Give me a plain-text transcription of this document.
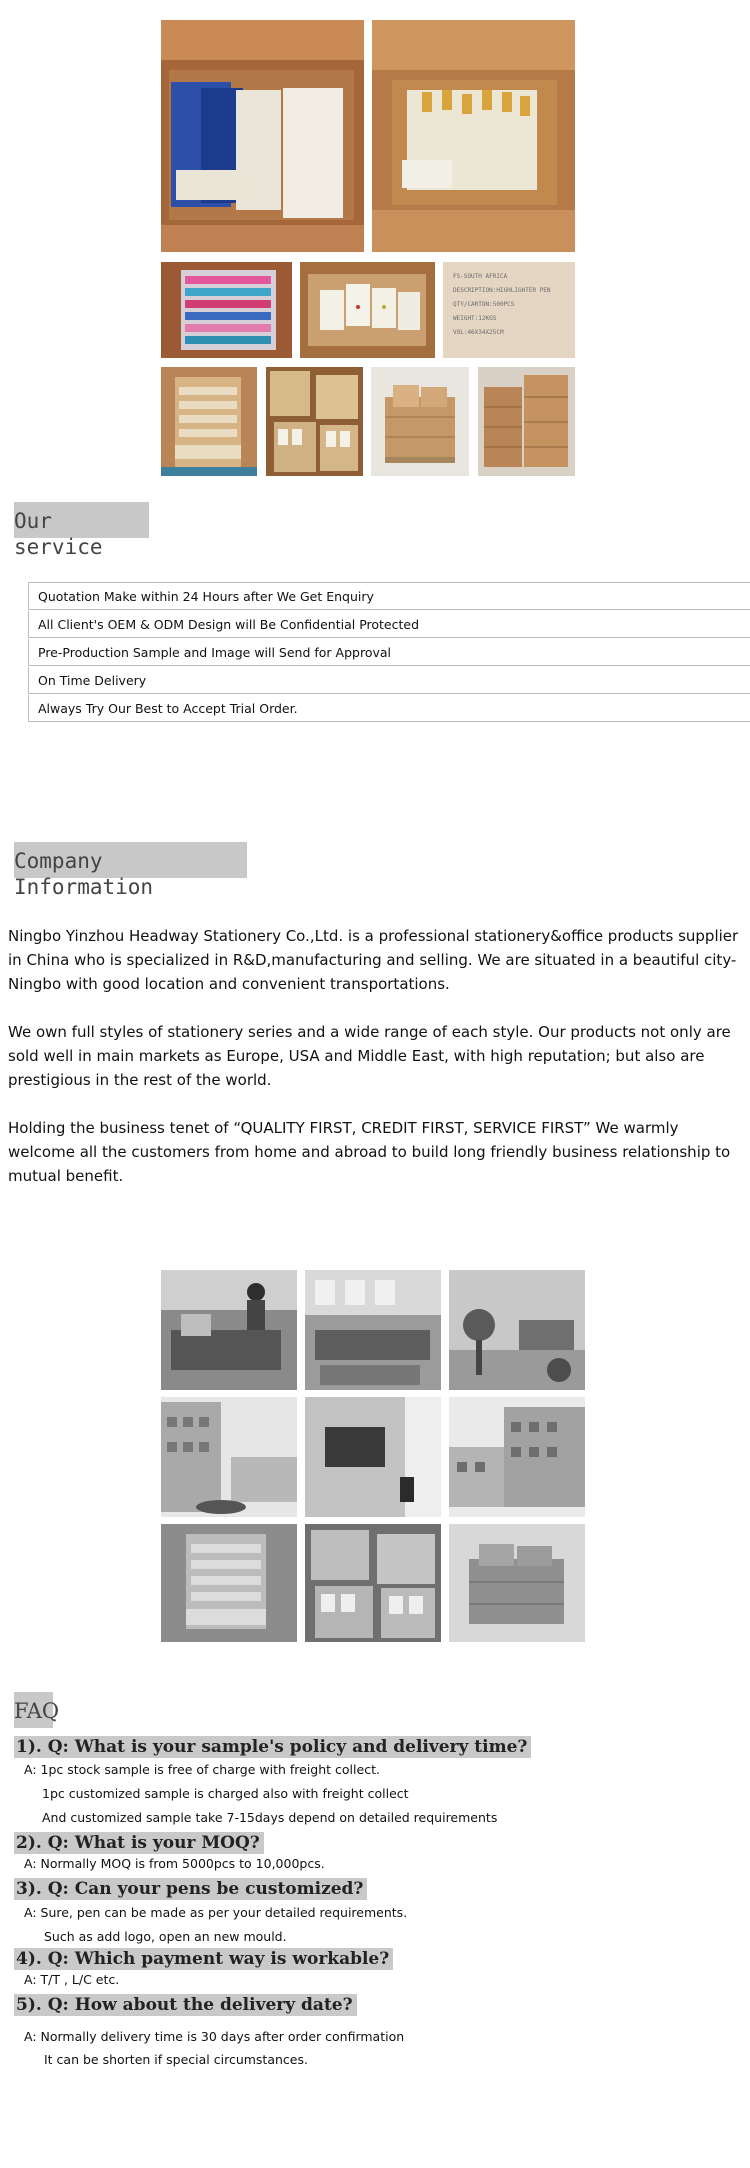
FS-SOUTH AFRICA
DESCRIPTION:HIGHLIGHTER PEN
QTY/CARTON:500PCS
WEIGHT:12KGS
VOL:46X34X25CM
Our service
Quotation Make within 24 Hours after We Get Enquiry
All Client's OEM & ODM Design will Be Confidential Protected
Pre-Production Sample and Image will Send for Approval
On Time Delivery
Always Try Our Best to Accept Trial Order.
Company Information

Ningbo Yinzhou Headway Stationery Co.,Ltd. is a professional stationery&office products supplier in China who is specialized in R&D,manufacturing and selling. We are situated in a beautiful city-Ningbo with good location and convenient transportations.

We own full styles of stationery series and a wide range of each style. Our products not only are sold well in main markets as Europe, USA and Middle East, with high reputation; but also are prestigious in the rest of the world.

Holding the business tenet of “QUALITY FIRST, CREDIT FIRST, SERVICE FIRST” We warmly welcome all the customers from home and abroad to build long friendly business relationship to mutual benefit.

FAQ
1). Q: What is your sample's policy and delivery time?
A: 1pc stock sample is free of charge with freight collect.
1pc customized sample is charged also with freight collect
And customized sample take 7-15days depend on detailed requirements
2). Q: What is your MOQ?
A: Normally MOQ is from 5000pcs to 10,000pcs.
3). Q: Can your pens be customized?
A: Sure, pen can be made as per your detailed requirements.
Such as add logo, open an new mould.
4). Q: Which payment way is workable?
A: T/T , L/C etc.
5). Q: How about the delivery date?
A: Normally delivery time is 30 days after order confirmation
It can be shorten if special circumstances.
